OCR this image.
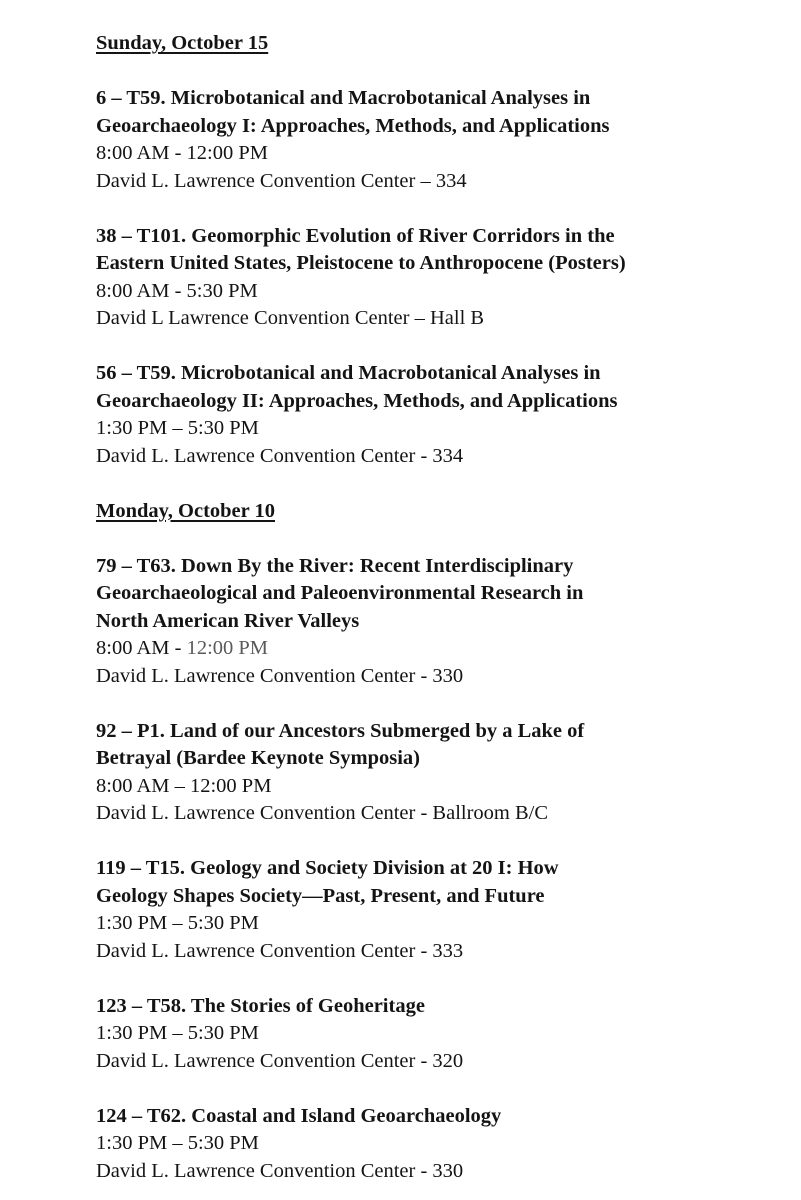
Sunday, October 15
6 – T59. Microbotanical and Macrobotanical Analyses in
Geoarchaeology I: Approaches, Methods, and Applications
8:00 AM - 12:00 PM
David L. Lawrence Convention Center – 334
38 – T101. Geomorphic Evolution of River Corridors in the
Eastern United States, Pleistocene to Anthropocene (Posters)
8:00 AM - 5:30 PM
David L Lawrence Convention Center – Hall B
56 – T59. Microbotanical and Macrobotanical Analyses in
Geoarchaeology II: Approaches, Methods, and Applications
1:30 PM – 5:30 PM
David L. Lawrence Convention Center - 334
Monday, October 10
79 – T63. Down By the River: Recent Interdisciplinary
Geoarchaeological and Paleoenvironmental Research in
North American River Valleys
8:00 AM - 12:00 PM
David L. Lawrence Convention Center - 330
92 – P1. Land of our Ancestors Submerged by a Lake of
Betrayal (Bardee Keynote Symposia)
8:00 AM – 12:00 PM
David L. Lawrence Convention Center - Ballroom B/C
119 – T15. Geology and Society Division at 20 I: How
Geology Shapes Society—Past, Present, and Future
1:30 PM – 5:30 PM
David L. Lawrence Convention Center - 333
123 – T58. The Stories of Geoheritage
1:30 PM – 5:30 PM
David L. Lawrence Convention Center - 320
124 – T62. Coastal and Island Geoarchaeology
1:30 PM – 5:30 PM
David L. Lawrence Convention Center - 330
